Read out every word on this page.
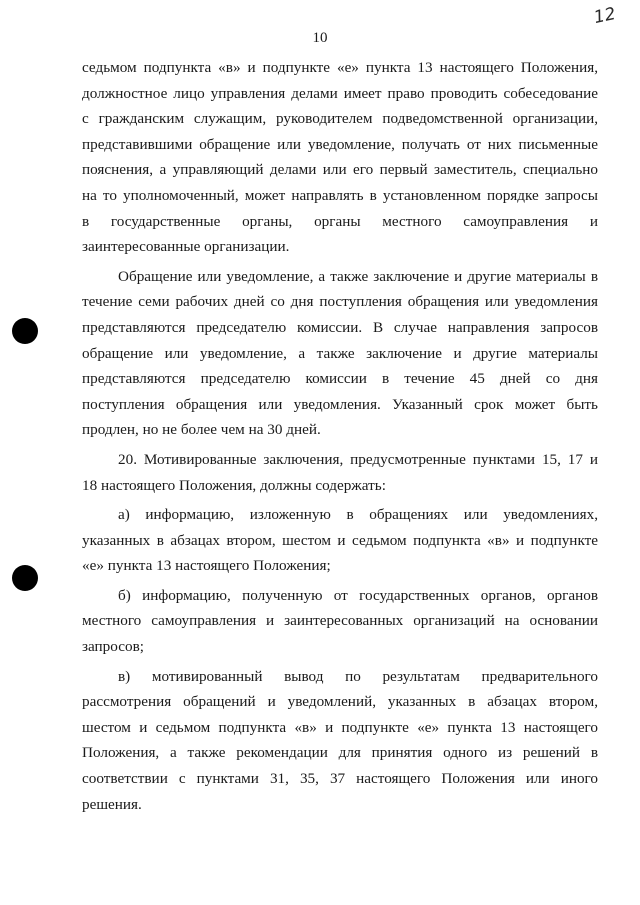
10
12

седьмом подпункта «в» и подпункте «е» пункта 13 настоящего Положения,
должностное лицо управления делами имеет право проводить собеседование
с гражданским служащим, руководителем подведомственной организации,
представившими обращение или уведомление, получать от них письменные
пояснения, а управляющий делами или его первый заместитель, специально
на то уполномоченный, может направлять в установленном порядке запросы
в государственные органы, органы местного самоуправления и
заинтересованные организации.

Обращение или уведомление, а также заключение и другие материалы в
течение семи рабочих дней со дня поступления обращения или уведомления
представляются председателю комиссии. В случае направления запросов
обращение или уведомление, а также заключение и другие материалы
представляются председателю комиссии в течение 45 дней со дня
поступления обращения или уведомления. Указанный срок может быть
продлен, но не более чем на 30 дней.

20. Мотивированные заключения, предусмотренные пунктами 15, 17 и
18 настоящего Положения, должны содержать:

а) информацию, изложенную в обращениях или уведомлениях,
указанных в абзацах втором, шестом и седьмом подпункта «в» и подпункте
«е» пункта 13 настоящего Положения;

б) информацию, полученную от государственных органов, органов
местного самоуправления и заинтересованных организаций на основании
запросов;

в) мотивированный вывод по результатам предварительного
рассмотрения обращений и уведомлений, указанных в абзацах втором,
шестом и седьмом подпункта «в» и подпункте «е» пункта 13 настоящего
Положения, а также рекомендации для принятия одного из решений в
соответствии с пунктами 31, 35, 37 настоящего Положения или иного
решения.
